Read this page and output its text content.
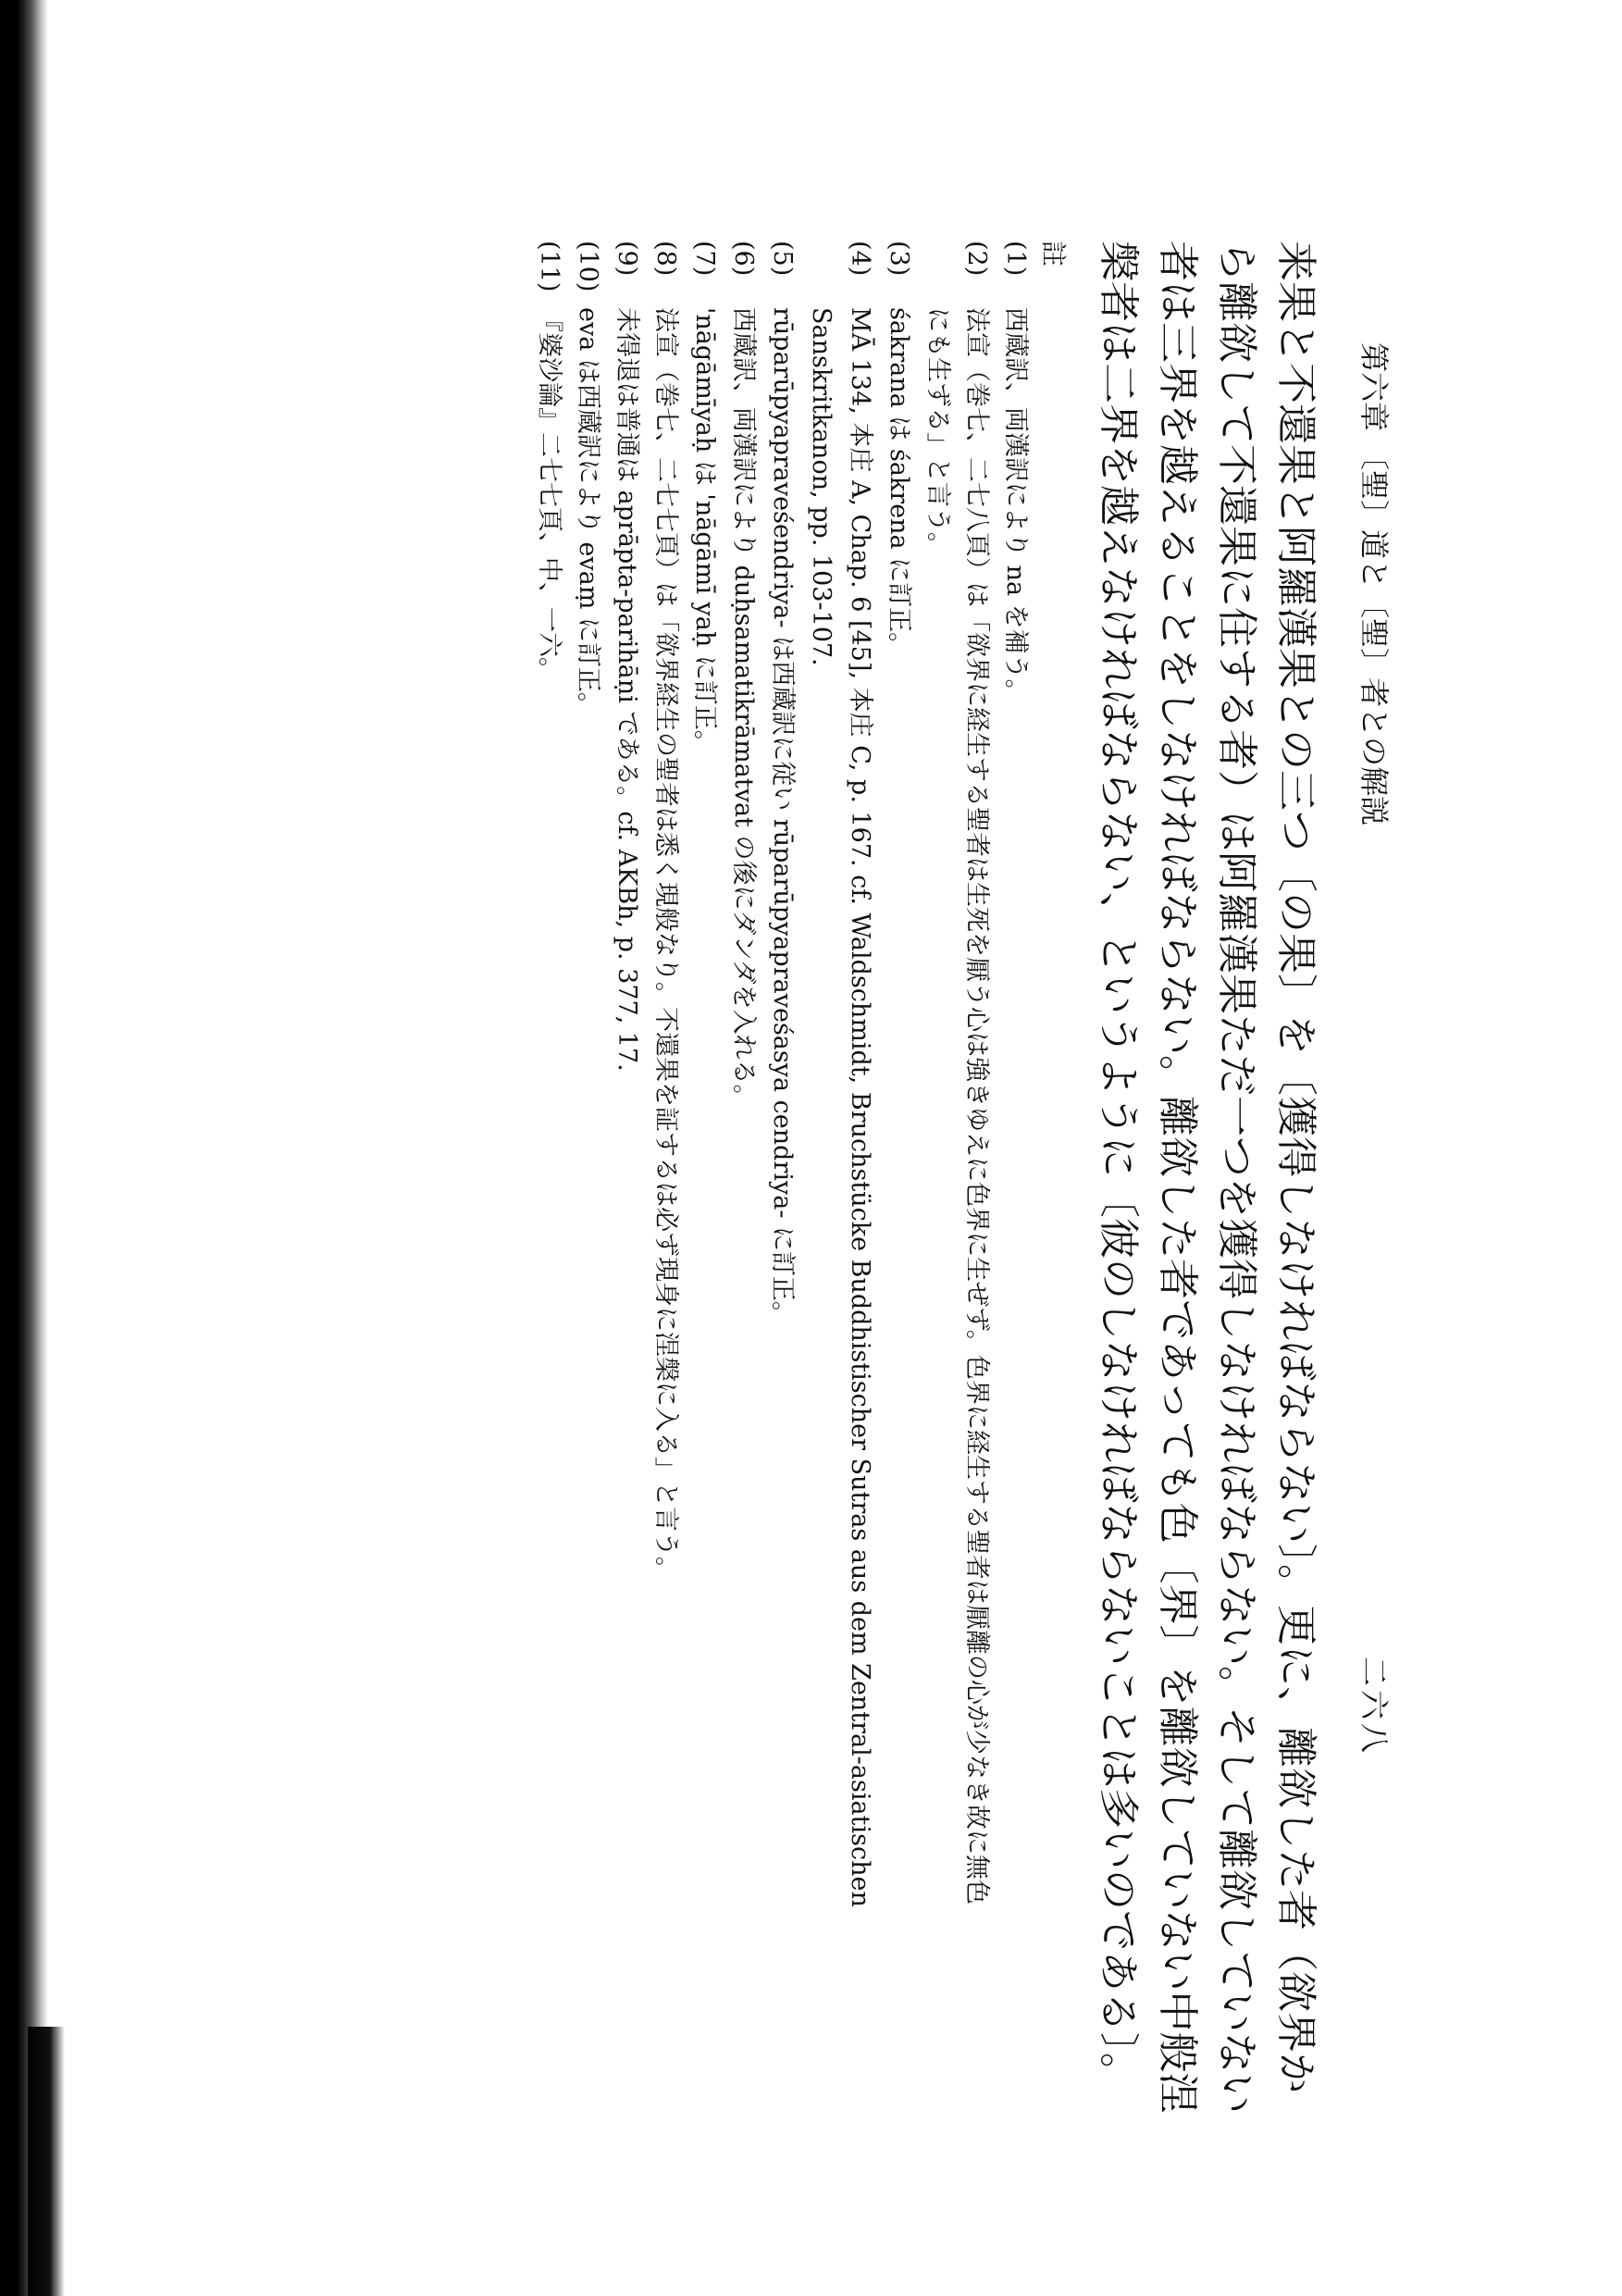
第六章 〔聖〕道と〔聖〕者との解説
二六八
来果と不還果と阿羅漢果との三つ〔の果〕を〔獲得しなければならない〕。更に、離欲した者（欲界か
ら離欲して不還果に住する者）は阿羅漢果ただ一つを獲得しなければならない。そして離欲していない
者は三界を越えることをしなければならない。離欲した者であっても色〔界〕を離欲していない中般涅
槃者は二界を越えなければならない、というように〔彼のしなければならないことは多いのである〕。
註
(1)
西蔵訳、両漢訳により na を補う。
(2)
法宣（巻七、二七八頁）は「欲界に経生する聖者は生死を厭う心は強きゆえに色界に生ぜず。色界に経生する聖者は厭離の心が少なき故に無色にも生ずる」と言う。
(3)
śakrana は śakrena に訂正。
(4)
MĀ 134, 本庄 A, Chap. 6 [45], 本庄 C, p. 167. cf. Waldschmidt, Bruchstücke Buddhistischer Sutras aus dem Zentral-asiatischen Sanskritkanon, pp. 103-107.
(5)
rūparūpyapraveśendriya- は西蔵訳に従い rūparūpyapraveśasya cendriya- に訂正。
(6)
西蔵訳、両漢訳により duḥsamatikrāmatvat の後にダンダを入れる。
(7)
'nāgāmīyaḥ は 'nāgāmī yaḥ に訂正。
(8)
法宣（巻七、二七七頁）は「欲界経生の聖者は悉く現般なり。不還果を証するは必ず現身に涅槃に入る」と言う。
(9)
未得退は普通は aprāpta-parihāṇi である。cf. AKBh, p. 377, 17.
(10)
eva は西蔵訳により evaṃ に訂正。
(11)
『婆沙論』二七七頁、中、一六。
